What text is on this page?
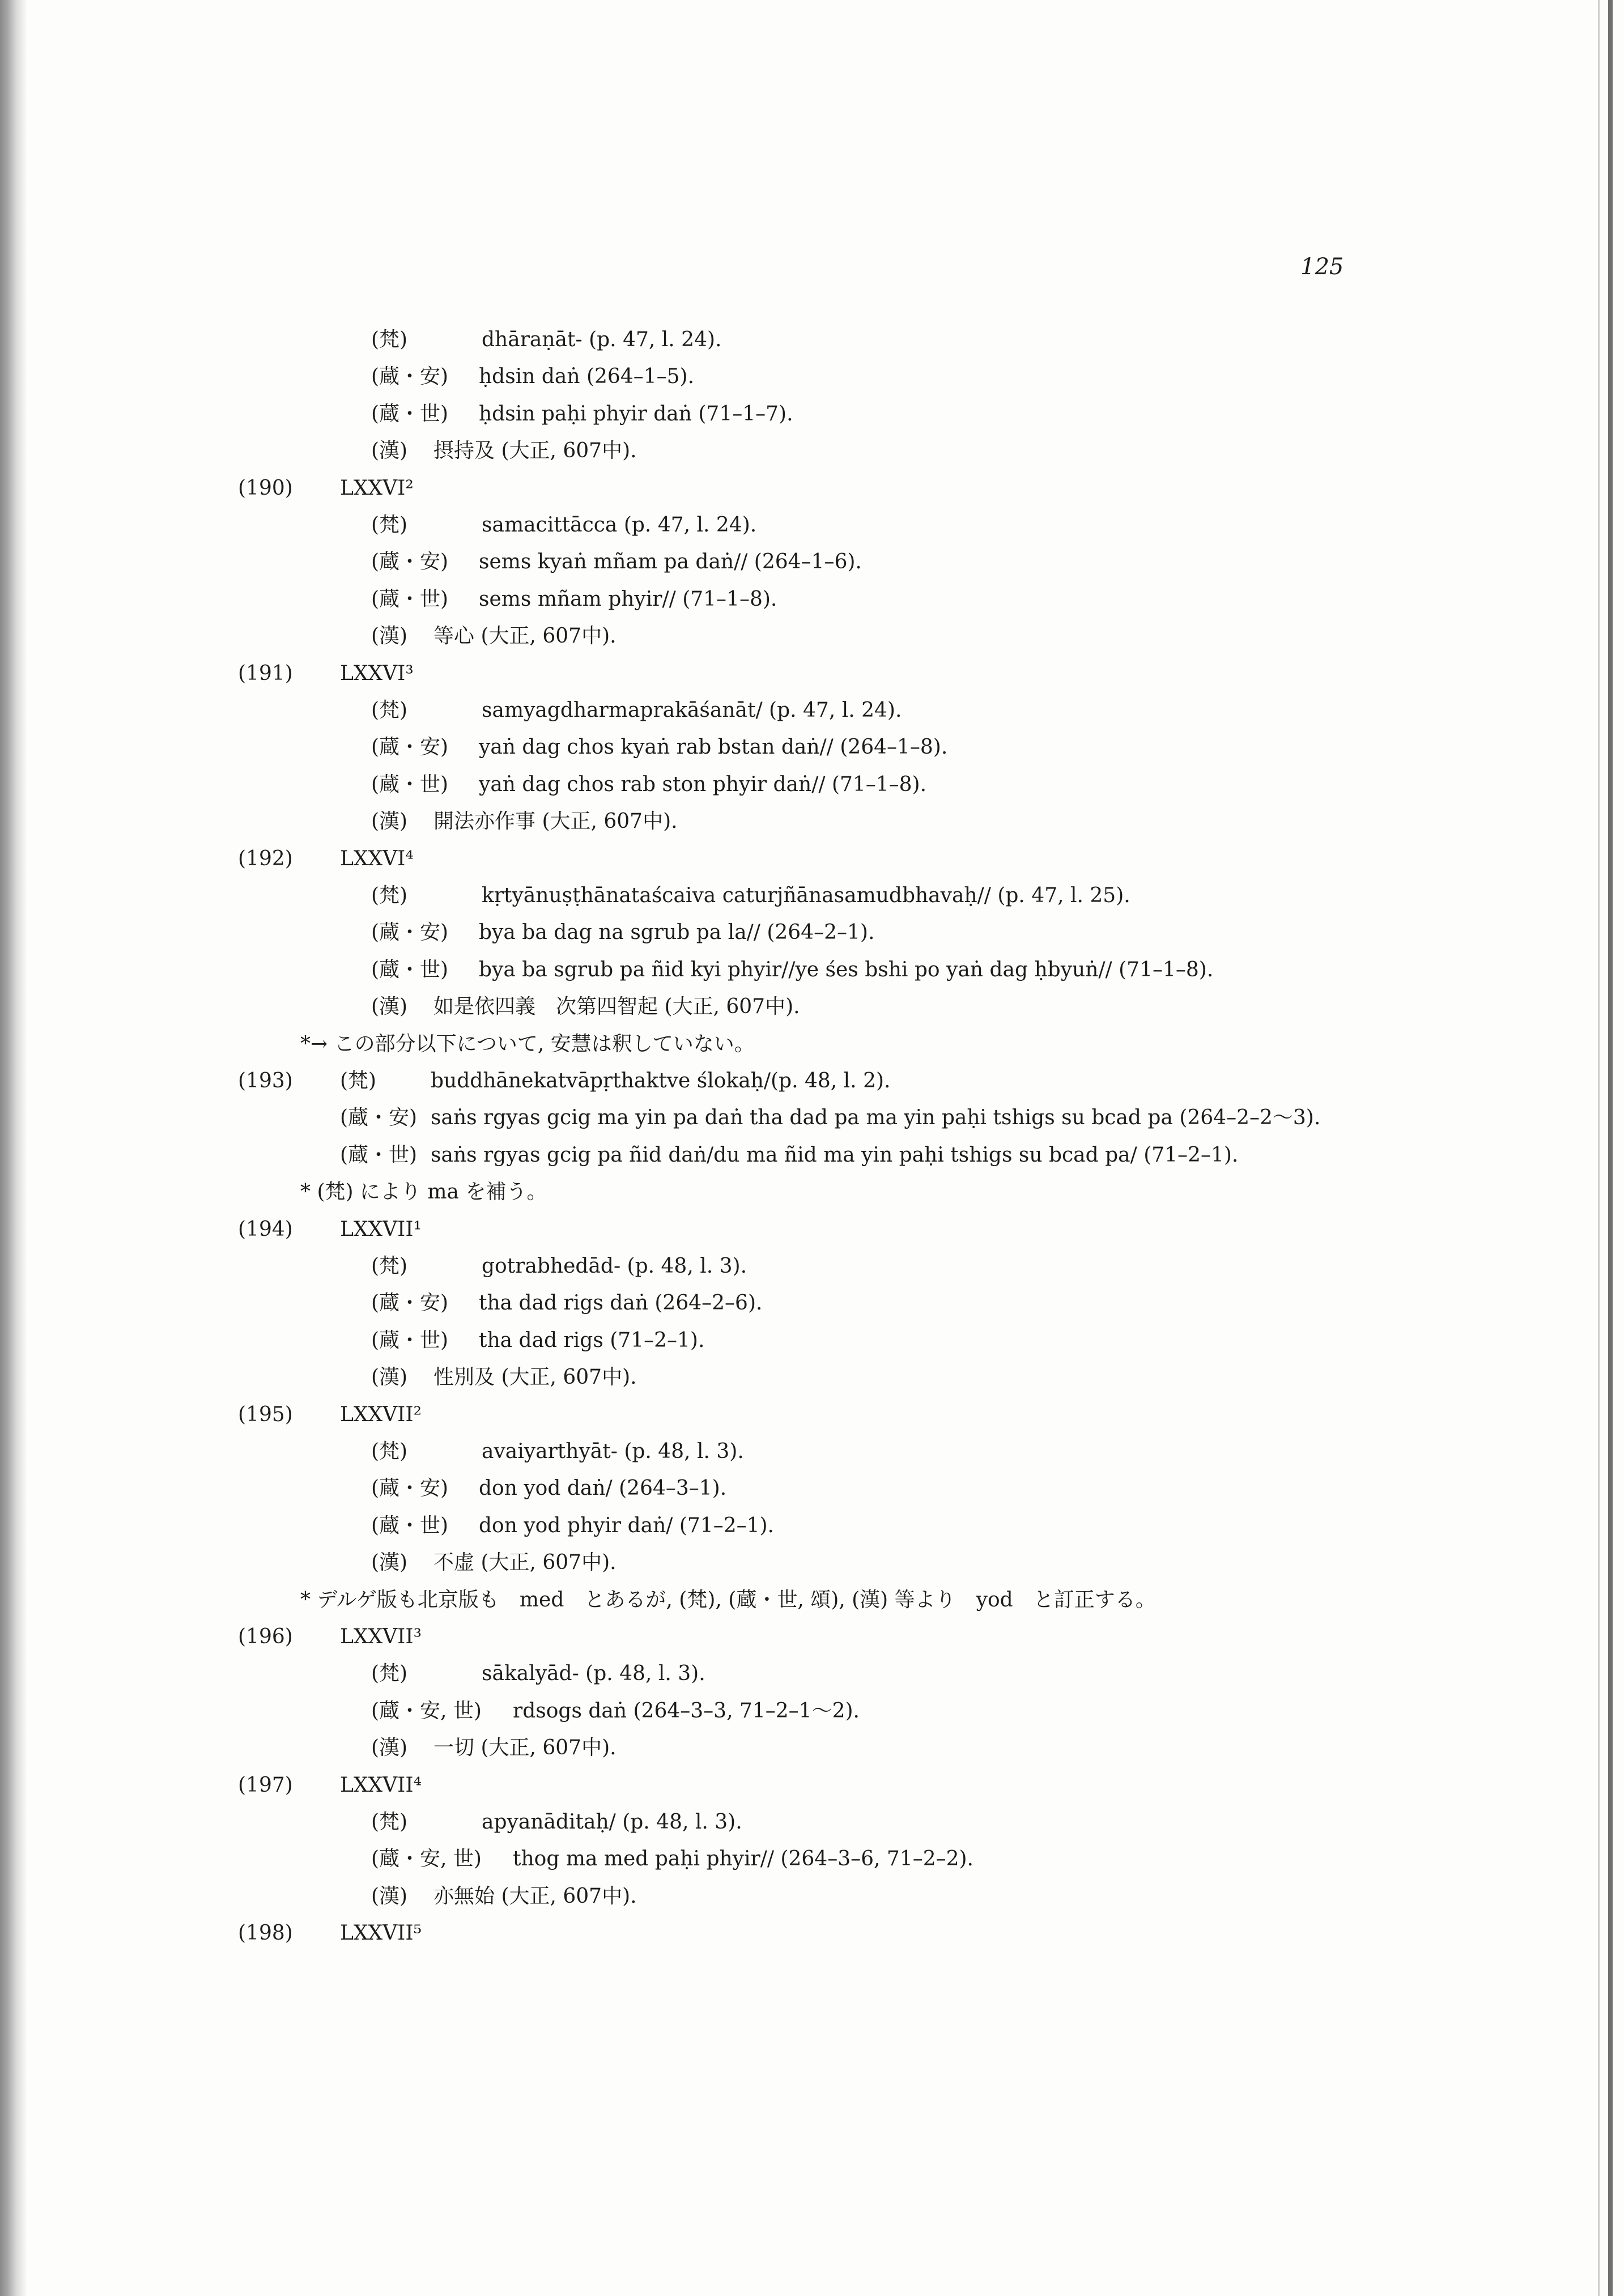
125
(梵)	dhāraṇāt- (p. 47, l. 24).
(蔵・安) ḥdsin daṅ (264–1–5).
(蔵・世) ḥdsin paḥi phyir daṅ (71–1–7).
(漢) 摂持及 (大正, 607中).
(190) LXXVI²
(梵)	samacittācca (p. 47, l. 24).
(蔵・安) sems kyaṅ mñam pa daṅ// (264–1–6).
(蔵・世) sems mñam phyir// (71–1–8).
(漢) 等心 (大正, 607中).
(191) LXXVI³
(梵)	samyagdharmaprakāśanāt/ (p. 47, l. 24).
(蔵・安) yaṅ dag chos kyaṅ rab bstan daṅ// (264–1–8).
(蔵・世) yaṅ dag chos rab ston phyir daṅ// (71–1–8).
(漢) 開法亦作事 (大正, 607中).
(192) LXXVI⁴
(梵)	kṛtyānuṣṭhānataścaiva caturjñānasamudbhavaḥ// (p. 47, l. 25).
(蔵・安) bya ba dag na sgrub pa la// (264–2–1).
(蔵・世) bya ba sgrub pa ñid kyi phyir//ye śes bshi po yaṅ dag ḥbyuṅ// (71–1–8).
(漢) 如是依四義　次第四智起 (大正, 607中).
*→ この部分以下について, 安慧は釈していない。
(193) (梵)	buddhānekatvāpṛthaktve ślokaḥ/(p. 48, l. 2).
(蔵・安) saṅs rgyas gcig ma yin pa daṅ tha dad pa ma yin paḥi tshigs su bcad pa (264–2–2〜3).
(蔵・世) saṅs rgyas gcig pa ñid daṅ/du ma ñid ma yin paḥi tshigs su bcad pa/ (71–2–1).
* (梵) により ma を補う。
(194) LXXVII¹
(梵)	gotrabhedād- (p. 48, l. 3).
(蔵・安) tha dad rigs daṅ (264–2–6).
(蔵・世) tha dad rigs (71–2–1).
(漢) 性別及 (大正, 607中).
(195) LXXVII²
(梵)	avaiyarthyāt- (p. 48, l. 3).
(蔵・安) don yod daṅ/ (264–3–1).
(蔵・世) don yod phyir daṅ/ (71–2–1).
(漢) 不虚 (大正, 607中).
* デルゲ版も北京版も　med　とあるが, (梵), (蔵・世, 頌), (漢) 等より　yod　と訂正する。
(196) LXXVII³
(梵)	sākalyād- (p. 48, l. 3).
(蔵・安, 世) rdsogs daṅ (264–3–3, 71–2–1〜2).
(漢) 一切 (大正, 607中).
(197) LXXVII⁴
(梵)	apyanāditaḥ/ (p. 48, l. 3).
(蔵・安, 世) thog ma med paḥi phyir// (264–3–6, 71–2–2).
(漢) 亦無始 (大正, 607中).
(198) LXXVII⁵
